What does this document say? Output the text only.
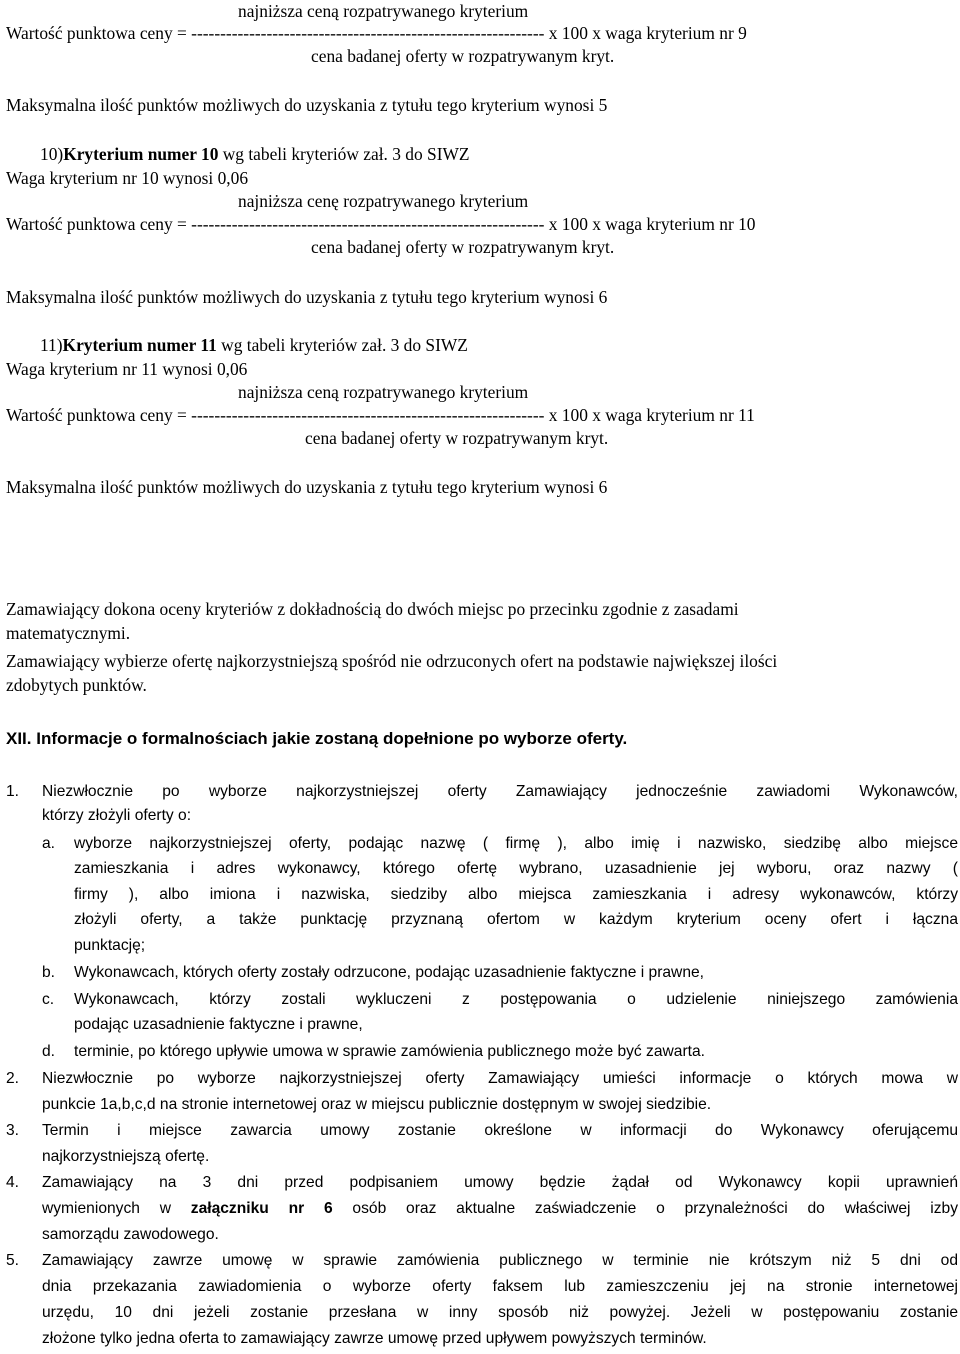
najniższa ceną rozpatrywanego kryterium
Wartość punktowa ceny = ------------------------------------------------------------- x 100 x waga kryterium nr 9
cena badanej oferty w rozpatrywanym kryt.
Maksymalna ilość punktów możliwych do uzyskania z tytułu tego kryterium wynosi 5
10)Kryterium numer 10 wg tabeli kryteriów zał. 3 do SIWZ
Waga kryterium nr 10 wynosi 0,06
najniższa cenę rozpatrywanego kryterium
Wartość punktowa ceny = ------------------------------------------------------------- x 100 x waga kryterium nr 10
cena badanej oferty w rozpatrywanym kryt.
Maksymalna ilość punktów możliwych do uzyskania z tytułu tego kryterium wynosi 6
11)Kryterium numer 11 wg tabeli kryteriów zał. 3 do SIWZ
Waga kryterium nr 11 wynosi 0,06
najniższa ceną rozpatrywanego kryterium
Wartość punktowa ceny = ------------------------------------------------------------- x 100 x waga kryterium nr 11
cena badanej oferty w rozpatrywanym kryt.
Maksymalna ilość punktów możliwych do uzyskania z tytułu tego kryterium wynosi 6
Zamawiający dokona oceny kryteriów z dokładnością do dwóch miejsc po przecinku zgodnie z zasadami
matematycznymi.
Zamawiający wybierze ofertę najkorzystniejszą spośród nie odrzuconych ofert na podstawie największej ilości
zdobytych punktów.
XII. Informacje o formalnościach jakie zostaną dopełnione po wyborze oferty.
1. Niezwłocznie po wyborze najkorzystniejszej oferty Zamawiający jednocześnie zawiadomi Wykonawców,
którzy złożyli oferty o:
a. wyborze najkorzystniejszej oferty, podając nazwę ( firmę ), albo imię i nazwisko, siedzibę albo miejsce
zamieszkania i adres wykonawcy, którego ofertę wybrano, uzasadnienie jej wyboru, oraz nazwy (
firmy ), albo imiona i nazwiska, siedziby albo miejsca zamieszkania i adresy wykonawców, którzy
złożyli oferty, a także punktację przyznaną ofertom w każdym kryterium oceny ofert i łączna
punktację;
b. Wykonawcach, których oferty zostały odrzucone, podając uzasadnienie faktyczne i prawne,
c. Wykonawcach, którzy zostali wykluczeni z postępowania o udzielenie niniejszego zamówienia
podając uzasadnienie faktyczne i prawne,
d. terminie, po którego upływie umowa w sprawie zamówienia publicznego może być zawarta.
2. Niezwłocznie po wyborze najkorzystniejszej oferty Zamawiający umieści informacje o których mowa w
punkcie 1a,b,c,d na stronie internetowej oraz w miejscu publicznie dostępnym w swojej siedzibie.
3. Termin i miejsce zawarcia umowy zostanie określone w informacji do Wykonawcy oferującemu
najkorzystniejszą ofertę.
4. Zamawiający na 3 dni przed podpisaniem umowy będzie żądał od Wykonawcy kopii uprawnień
wymienionych w załączniku nr 6 osób oraz aktualne zaświadczenie o przynależności do właściwej izby
samorządu zawodowego.
5. Zamawiający zawrze umowę w sprawie zamówienia publicznego w terminie nie krótszym niż 5 dni od
dnia przekazania zawiadomienia o wyborze oferty faksem lub zamieszczeniu jej na stronie internetowej
urzędu, 10 dni jeżeli zostanie przesłana w inny sposób niż powyżej. Jeżeli w postępowaniu zostanie
złożone tylko jedna oferta to zamawiający zawrze umowę przed upływem powyższych terminów.
